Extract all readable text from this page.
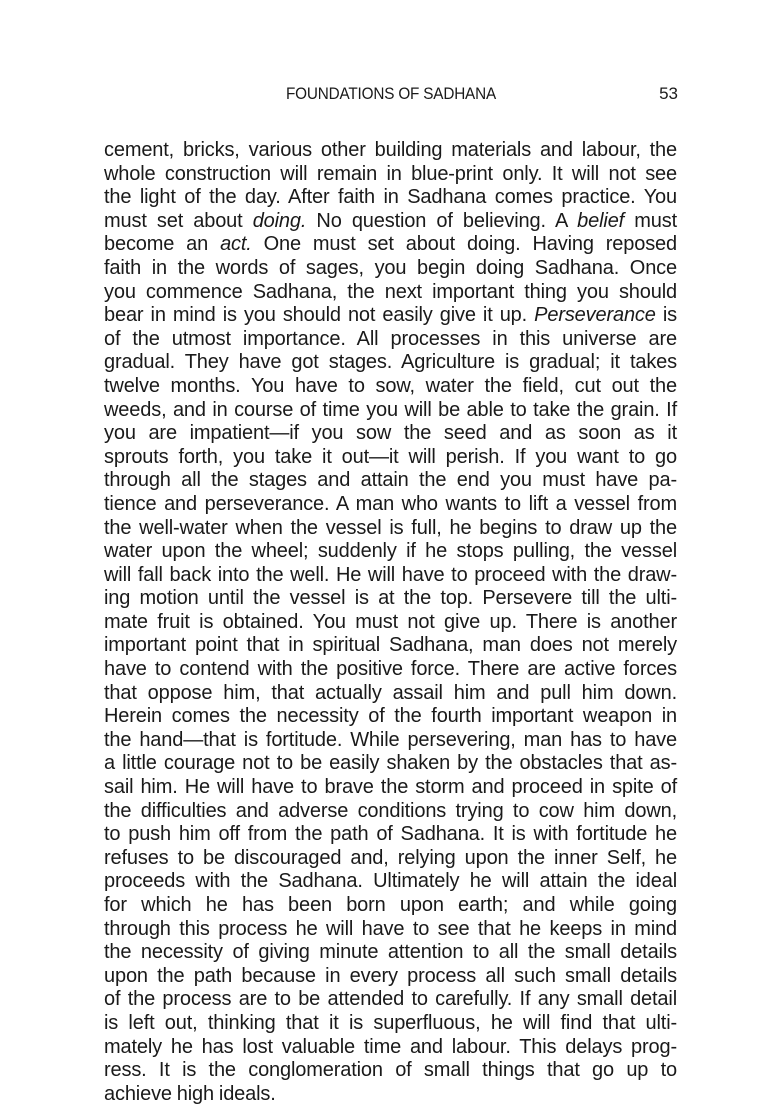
FOUNDATIONS OF SADHANA	53
cement, bricks, various other building materials and labour, the
whole construction will remain in blue-print only. It will not see
the light of the day. After faith in Sadhana comes practice. You
must set about doing. No question of believing. A belief must
become an act. One must set about doing. Having reposed
faith in the words of sages, you begin doing Sadhana. Once
you commence Sadhana, the next important thing you should
bear in mind is you should not easily give it up. Perseverance is
of the utmost importance. All processes in this universe are
gradual. They have got stages. Agriculture is gradual; it takes
twelve months. You have to sow, water the field, cut out the
weeds, and in course of time you will be able to take the grain. If
you are impatient—if you sow the seed and as soon as it
sprouts forth, you take it out—it will perish. If you want to go
through all the stages and attain the end you must have pa-
tience and perseverance. A man who wants to lift a vessel from
the well-water when the vessel is full, he begins to draw up the
water upon the wheel; suddenly if he stops pulling, the vessel
will fall back into the well. He will have to proceed with the draw-
ing motion until the vessel is at the top. Persevere till the ulti-
mate fruit is obtained. You must not give up. There is another
important point that in spiritual Sadhana, man does not merely
have to contend with the positive force. There are active forces
that oppose him, that actually assail him and pull him down.
Herein comes the necessity of the fourth important weapon in
the hand—that is fortitude. While persevering, man has to have
a little courage not to be easily shaken by the obstacles that as-
sail him. He will have to brave the storm and proceed in spite of
the difficulties and adverse conditions trying to cow him down,
to push him off from the path of Sadhana. It is with fortitude he
refuses to be discouraged and, relying upon the inner Self, he
proceeds with the Sadhana. Ultimately he will attain the ideal
for which he has been born upon earth; and while going
through this process he will have to see that he keeps in mind
the necessity of giving minute attention to all the small details
upon the path because in every process all such small details
of the process are to be attended to carefully. If any small detail
is left out, thinking that it is superfluous, he will find that ulti-
mately he has lost valuable time and labour. This delays prog-
ress. It is the conglomeration of small things that go up to
achieve high ideals.
